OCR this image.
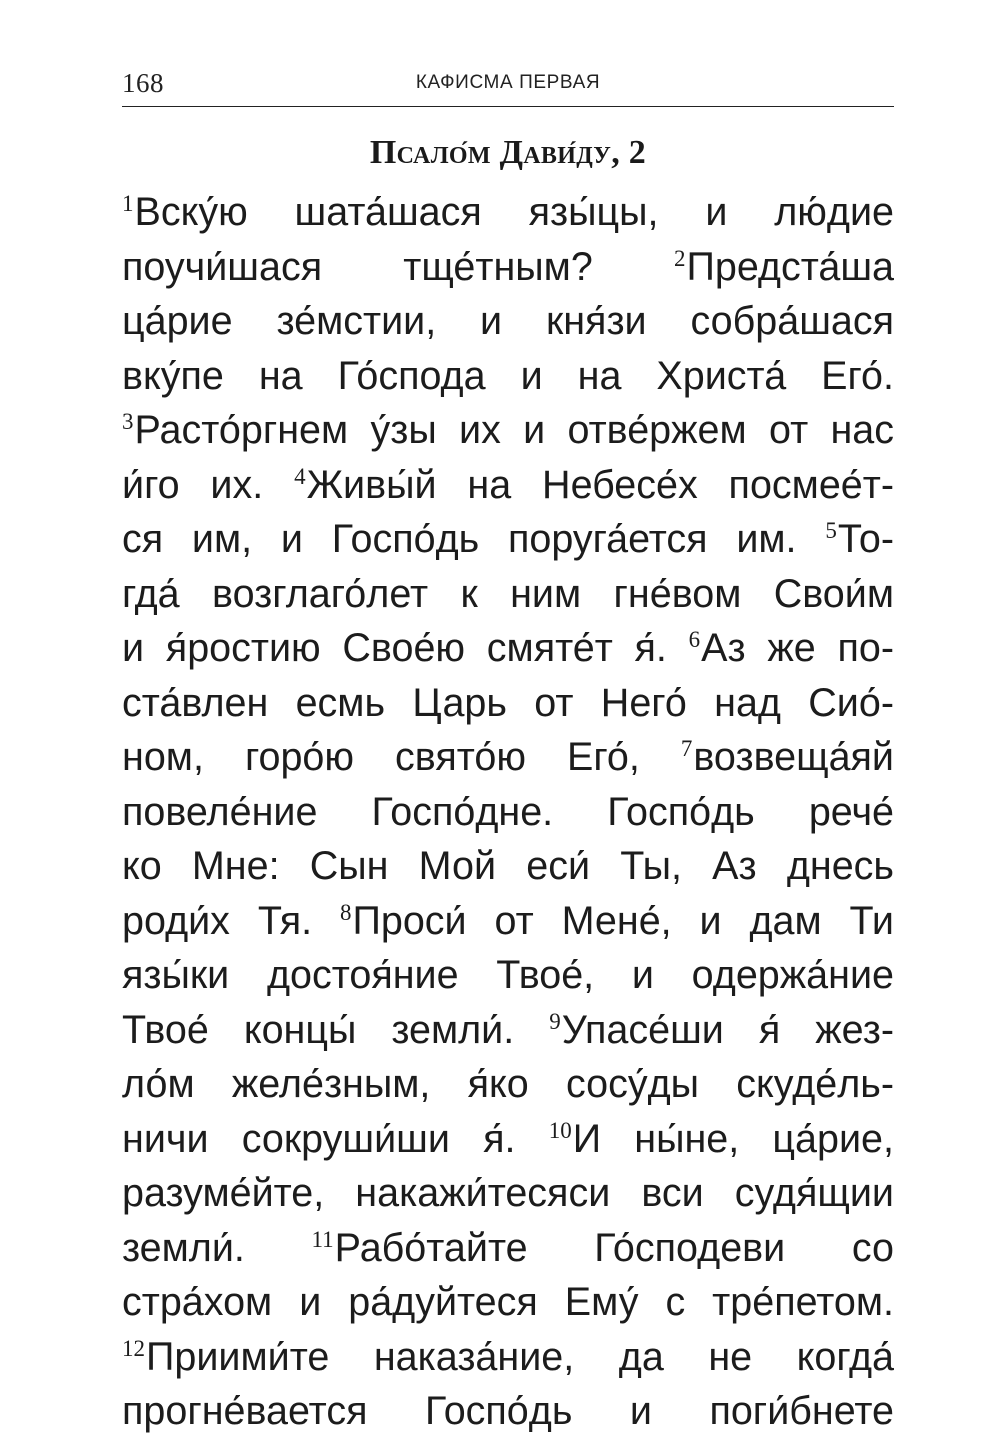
168	КАФИСМА ПЕРВАЯ
Псало́м Дави́ду, 2
$^1$Вску́ю шата́шася язы́цы, и лю́дие
поучи́шася тще́тным? $^2$Предста́ша
ца́рие зе́мстии, и кня́зи собра́шася
вку́пе на Го́спода и на Христа́ Его́.
$^3$Расто́ргнем у́зы их и отве́ржем от нас
и́го их. $^4$Живы́й на Небесе́х посмее́т-
ся им, и Госпо́дь поруга́ется им. $^5$То-
гда́ возглаго́лет к ним гне́вом Свои́м
и я́ростию Свое́ю смяте́т я́. $^6$Аз же по-
ста́влен есмь Царь от Него́ над Сио́-
ном, горо́ю свято́ю Его́, $^7$возвеща́яй
повеле́ние Госпо́дне. Госпо́дь рече́
ко Мне: Сын Мой еси́ Ты, Аз днесь
роди́х Тя. $^8$Проси́ от Мене́, и дам Ти
язы́ки достоя́ние Твое́, и одержа́ние
Твое́ концы́ земли́. $^9$Упасе́ши я́ жез-
ло́м желе́зным, я́ко сосу́ды скуде́ль-
ничи сокруши́ши я́. $^{10}$И ны́не, ца́рие,
разуме́йте, накажи́тесяси вси судя́щии
земли́. $^{11}$Рабо́тайте Го́сподеви со
стра́хом и ра́дуйтеся Ему́ с тре́петом.
$^{12}$Приими́те наказа́ние, да не когда́
прогне́вается Госпо́дь и поги́бнете
